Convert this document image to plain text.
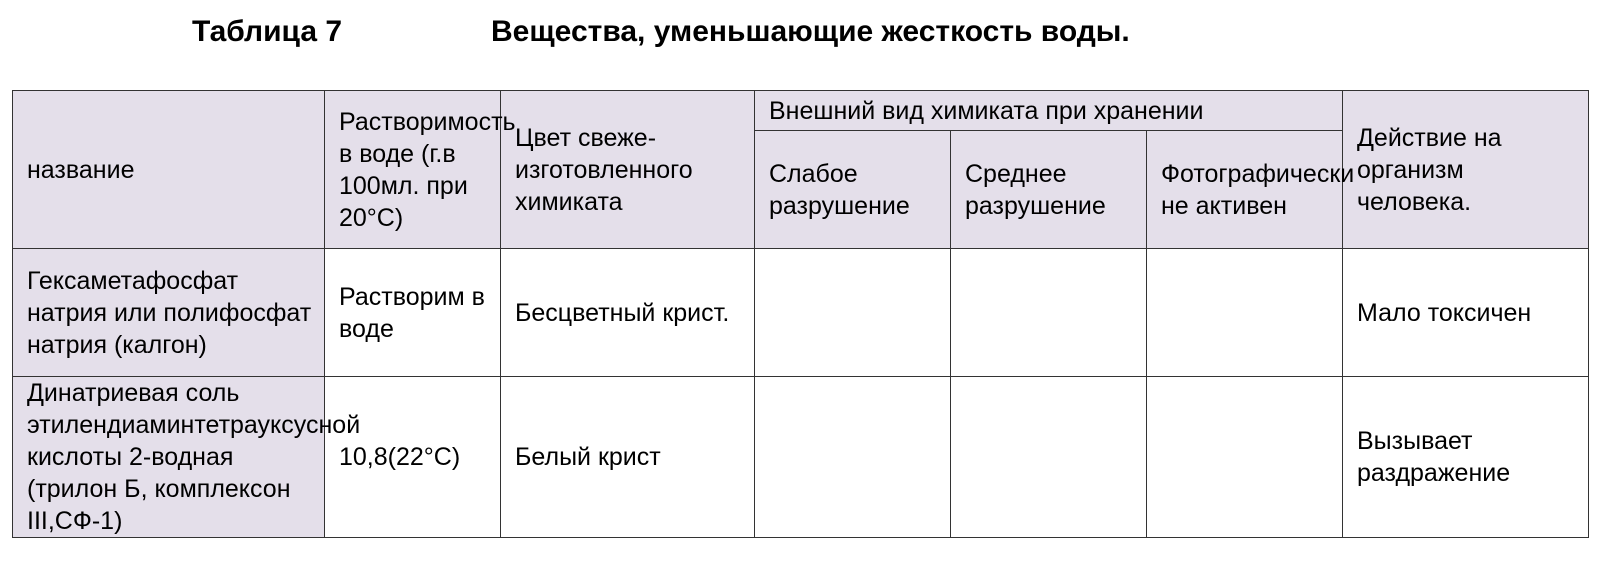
Таблица 7	Вещества, уменьшающие жесткость воды.
название	Растворимость в воде (г.в 100мл. при 20°С)	Цвет свеже-изготовленного химиката	Внешний вид химиката при хранении			Действие на организм человека.
			Слабое разрушение	Среднее разрушение	Фотографически не активен	
Гексаметафосфат натрия или полифосфат натрия (калгон)	Растворим в воде	Бесцветный крист.				Мало токсичен
Динатриевая соль этилендиаминтетрауксусной кислоты 2-водная (трилон Б, комплексон III,СФ-1)	10,8(22°С)	Белый крист				Вызывает раздражение
